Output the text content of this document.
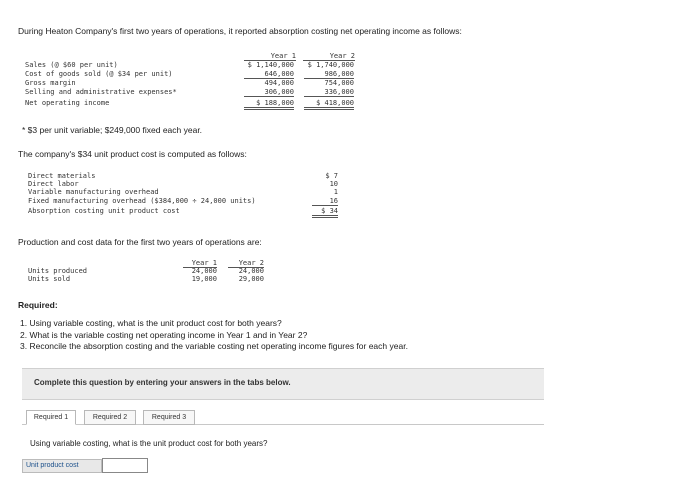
During Heaton Company's first two years of operations, it reported absorption costing net operating income as follows:
Year 1	Year 2
Sales (@ $60 per unit)	$ 1,140,000	$ 1,740,000
Cost of goods sold (@ $34 per unit)	646,000	986,000
Gross margin	494,000	754,000
Selling and administrative expenses*	306,000	336,000
Net operating income	$ 188,000	$ 418,000
* $3 per unit variable; $249,000 fixed each year.
The company's $34 unit product cost is computed as follows:
Direct materials	$ 7
Direct labor	10
Variable manufacturing overhead	1
Fixed manufacturing overhead ($384,000 ÷ 24,000 units)	16
Absorption costing unit product cost	$ 34
Production and cost data for the first two years of operations are:
Year 1	Year 2
Units produced	24,000	24,000
Units sold	19,000	29,000
Required:
1. Using variable costing, what is the unit product cost for both years?
2. What is the variable costing net operating income in Year 1 and in Year 2?
3. Reconcile the absorption costing and the variable costing net operating income figures for each year.
Complete this question by entering your answers in the tabs below.
Required 1	Required 2	Required 3
Using variable costing, what is the unit product cost for both years?
Unit product cost
